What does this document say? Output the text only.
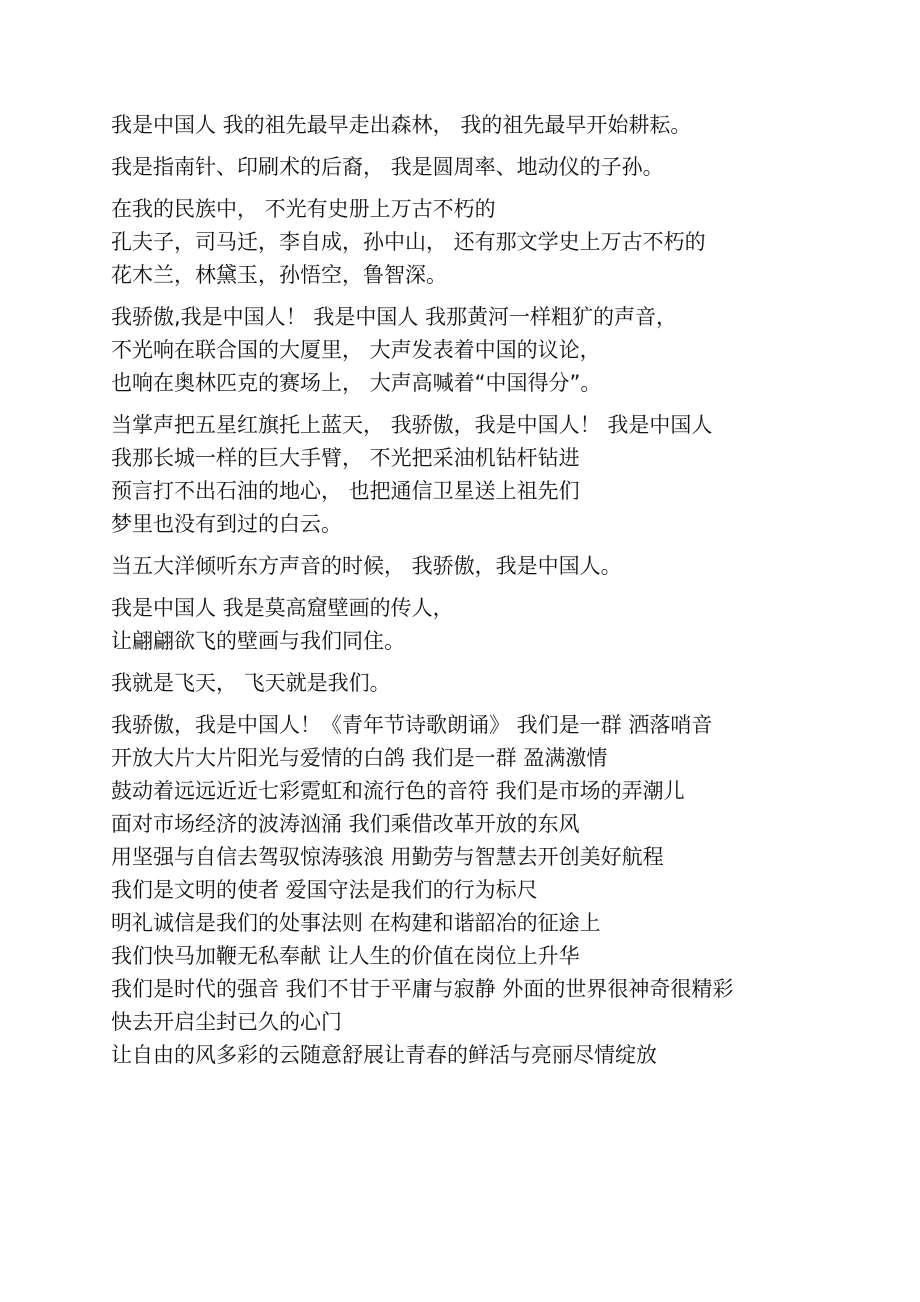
我是中国人 我的祖先最早走出森林， 我的祖先最早开始耕耘。
我是指南针、印刷术的后裔， 我是圆周率、地动仪的子孙。
在我的民族中， 不光有史册上万古不朽的
孔夫子，司马迁，李自成，孙中山， 还有那文学史上万古不朽的
花木兰，林黛玉，孙悟空，鲁智深。
我骄傲,我是中国人！ 我是中国人 我那黄河一样粗犷的声音，
不光响在联合国的大厦里， 大声发表着中国的议论，
也响在奥林匹克的赛场上， 大声高喊着“中国得分”。
当掌声把五星红旗托上蓝天， 我骄傲，我是中国人！ 我是中国人
我那长城一样的巨大手臂， 不光把采油机钻杆钻进
预言打不出石油的地心， 也把通信卫星送上祖先们
梦里也没有到过的白云。
当五大洋倾听东方声音的时候， 我骄傲，我是中国人。
我是中国人 我是莫高窟壁画的传人，
让翩翩欲飞的壁画与我们同住。
我就是飞天， 飞天就是我们。
我骄傲，我是中国人！《青年节诗歌朗诵》 我们是一群 洒落哨音
开放大片大片阳光与爱情的白鸽 我们是一群 盈满激情
鼓动着远远近近七彩霓虹和流行色的音符 我们是市场的弄潮儿
面对市场经济的波涛汹涌 我们乘借改革开放的东风
用坚强与自信去驾驭惊涛骇浪 用勤劳与智慧去开创美好航程
我们是文明的使者 爱国守法是我们的行为标尺
明礼诚信是我们的处事法则 在构建和谐韶冶的征途上
我们快马加鞭无私奉献 让人生的价值在岗位上升华
我们是时代的强音 我们不甘于平庸与寂静 外面的世界很神奇很精彩
快去开启尘封已久的心门
让自由的风多彩的云随意舒展让青春的鲜活与亮丽尽情绽放
